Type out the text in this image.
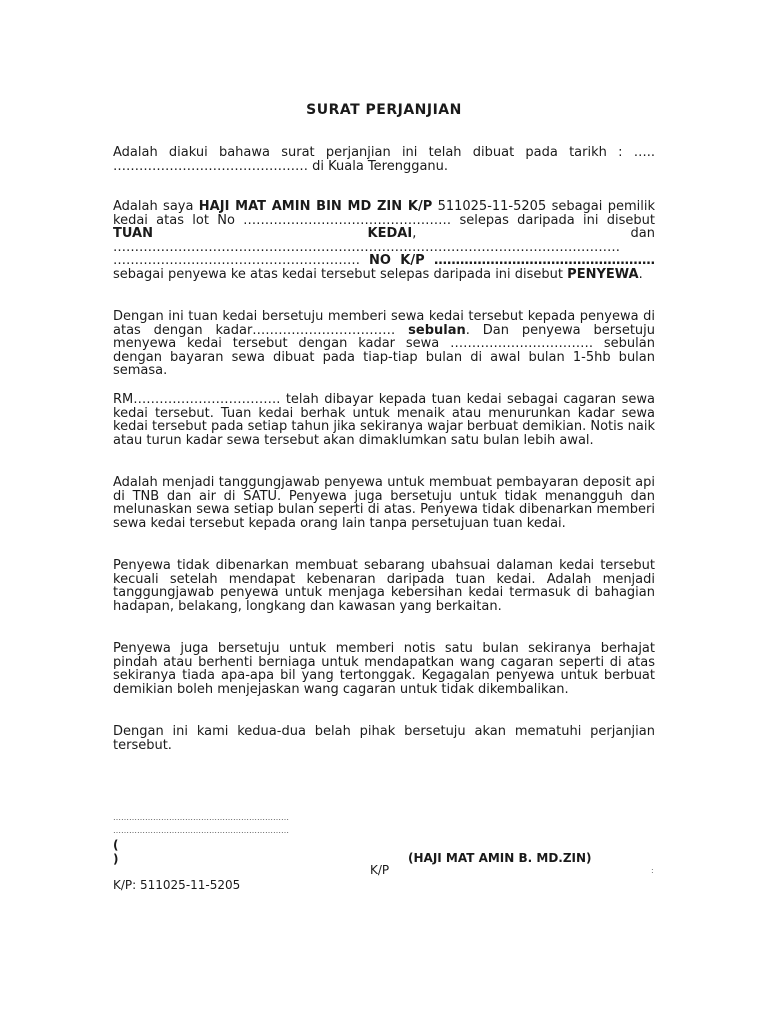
SURAT PERJANJIAN
Adalah diakui bahawa surat perjanjian ini telah dibuat pada tarikh : ….. ……………………………………… di Kuala Terengganu.
Adalah saya HAJI MAT AMIN BIN MD ZIN K/P 511025-11-5205 sebagai pemilik kedai atas lot No ………………………………………… selepas daripada ini disebut TUAN KEDAI, dan ……………………………………………………………………………………………………… ………………………………………………… NO K/P …………………………………………… sebagai penyewa ke atas kedai tersebut selepas daripada ini disebut PENYEWA.
Dengan ini tuan kedai bersetuju memberi sewa kedai tersebut kepada penyewa di atas dengan kadar…………………………… sebulan. Dan penyewa bersetuju menyewa kedai tersebut dengan kadar sewa …………………………… sebulan dengan bayaran sewa dibuat pada tiap-tiap bulan di awal bulan 1-5hb bulan semasa.
RM……………………………. telah dibayar kepada tuan kedai sebagai cagaran sewa kedai tersebut. Tuan kedai berhak untuk menaik atau menurunkan kadar sewa kedai tersebut pada setiap tahun jika sekiranya wajar berbuat demikian. Notis naik atau turun kadar sewa tersebut akan dimaklumkan satu bulan lebih awal.
Adalah menjadi tanggungjawab penyewa untuk membuat pembayaran deposit api di TNB dan air di SATU. Penyewa juga bersetuju untuk tidak menangguh dan melunaskan sewa setiap bulan seperti di atas. Penyewa tidak dibenarkan memberi sewa kedai tersebut kepada orang lain tanpa persetujuan tuan kedai.
Penyewa tidak dibenarkan membuat sebarang ubahsuai dalaman kedai tersebut kecuali setelah mendapat kebenaran daripada tuan kedai. Adalah menjadi tanggungjawab penyewa untuk menjaga kebersihan kedai termasuk di bahagian hadapan, belakang, longkang dan kawasan yang berkaitan.
Penyewa juga bersetuju untuk memberi notis satu bulan sekiranya berhajat pindah atau berhenti berniaga untuk mendapatkan wang cagaran seperti di atas sekiranya tiada apa-apa bil yang tertonggak. Kegagalan penyewa untuk berbuat demikian boleh menjejaskan wang cagaran untuk tidak dikembalikan.
Dengan ini kami kedua-dua belah pihak bersetuju akan mematuhi perjanjian tersebut.
…………………………………………………………
…………………………………………………………
(
)	(HAJI MAT AMIN B. MD.ZIN)
K/P	:
K/P: 511025-11-5205
